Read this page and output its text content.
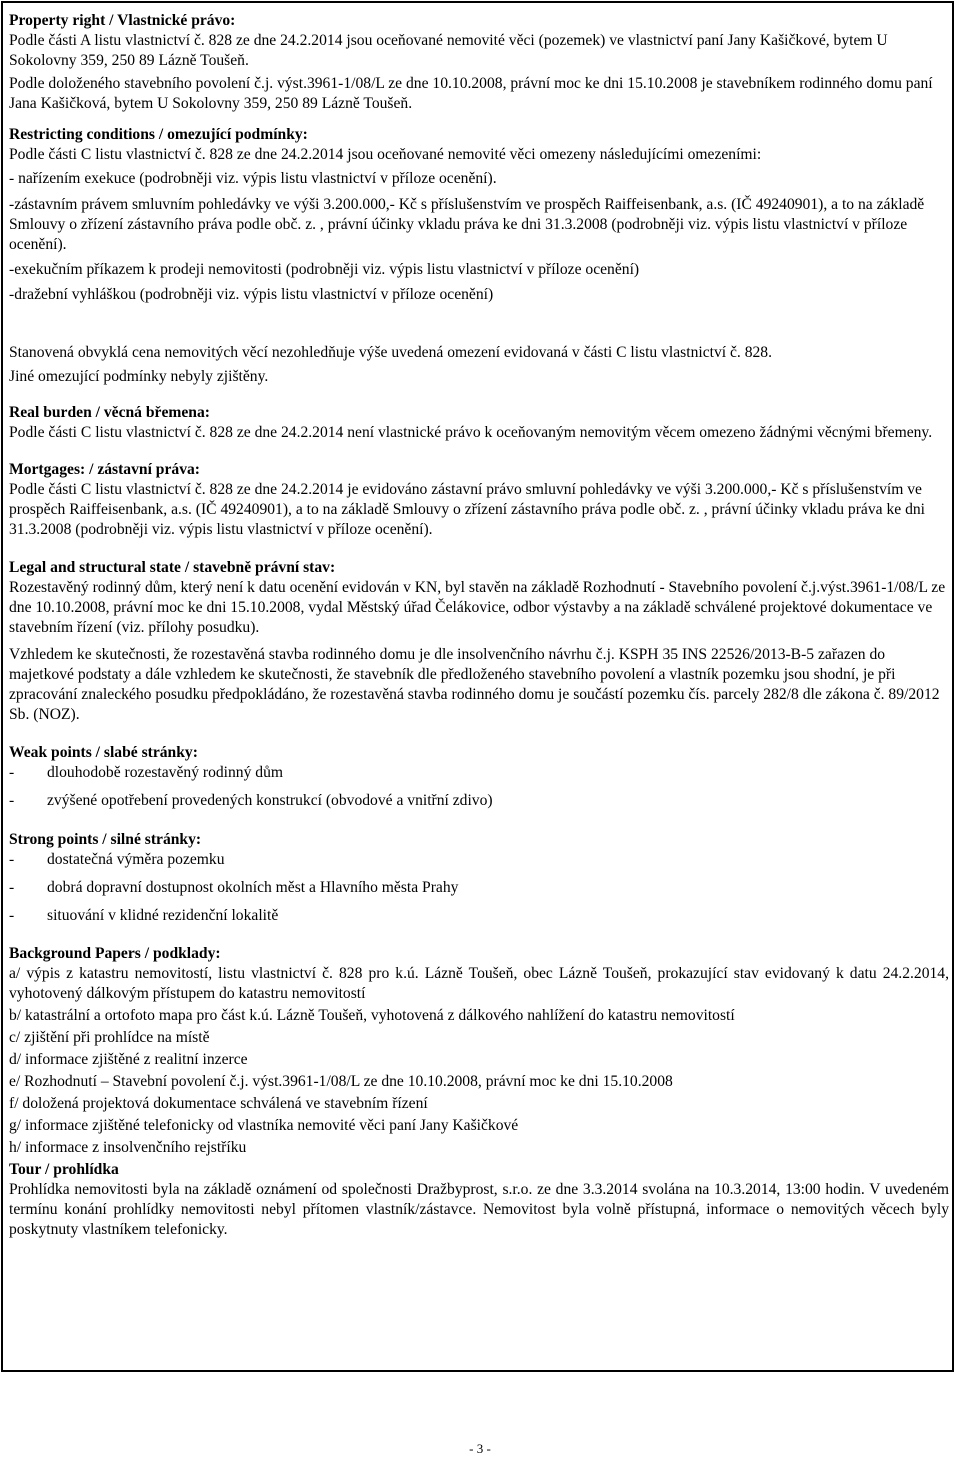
Property right / Vlastnické právo:

Podle části A listu vlastnictví č. 828 ze dne 24.2.2014 jsou oceňované nemovité věci (pozemek) ve vlastnictví paní Jany Kašičkové, bytem U Sokolovny 359, 250 89 Lázně Toušeň.

Podle doloženého stavebního povolení č.j. výst.3961-1/08/L ze dne 10.10.2008, právní moc ke dni 15.10.2008 je stavebníkem rodinného domu paní Jana Kašičková, bytem U Sokolovny 359, 250 89 Lázně Toušeň.

Restricting conditions / omezující podmínky:

Podle části C listu vlastnictví č. 828 ze dne 24.2.2014 jsou oceňované nemovité věci omezeny následujícími omezeními:

- nařízením exekuce (podrobněji viz. výpis listu vlastnictví v příloze ocenění).

-zástavním právem smluvním pohledávky ve výši 3.200.000,- Kč s příslušenstvím ve prospěch Raiffeisenbank, a.s. (IČ 49240901), a to na základě Smlouvy o zřízení zástavního práva podle obč. z. , právní účinky vkladu práva ke dni 31.3.2008 (podrobněji viz. výpis listu vlastnictví v příloze ocenění).

-exekučním příkazem k prodeji nemovitosti (podrobněji viz. výpis listu vlastnictví v příloze ocenění)

-dražební vyhláškou (podrobněji viz. výpis listu vlastnictví v příloze ocenění)

Stanovená obvyklá cena nemovitých věcí nezohledňuje výše uvedená omezení evidovaná v části C listu vlastnictví č. 828.

Jiné omezující podmínky nebyly zjištěny.

Real burden / věcná břemena:

Podle části C listu vlastnictví č. 828 ze dne 24.2.2014 není vlastnické právo k oceňovaným nemovitým věcem omezeno žádnými věcnými břemeny.

Mortgages: / zástavní práva:

Podle části C listu vlastnictví č. 828 ze dne 24.2.2014 je evidováno zástavní právo smluvní pohledávky ve výši 3.200.000,- Kč s příslušenstvím ve prospěch Raiffeisenbank, a.s. (IČ 49240901), a to na základě Smlouvy o zřízení zástavního práva podle obč. z. , právní účinky vkladu práva ke dni 31.3.2008 (podrobněji viz. výpis listu vlastnictví v příloze ocenění).

Legal and structural state / stavebně právní stav:

Rozestavěný rodinný dům, který není k datu ocenění evidován v KN, byl stavěn na základě Rozhodnutí - Stavebního povolení č.j.výst.3961-1/08/L ze dne 10.10.2008, právní moc ke dni 15.10.2008, vydal Městský úřad Čelákovice, odbor výstavby a na základě schválené projektové dokumentace ve stavebním řízení (viz. přílohy posudku).

Vzhledem ke skutečnosti, že rozestavěná stavba rodinného domu je dle insolvenčního návrhu č.j. KSPH 35 INS 22526/2013-B-5 zařazen do majetkové podstaty a dále vzhledem ke skutečnosti, že stavebník dle předloženého stavebního povolení a vlastník pozemku jsou shodní, je při zpracování znaleckého posudku předpokládáno, že rozestavěná stavba rodinného domu je součástí pozemku čís. parcely 282/8 dle zákona č. 89/2012 Sb. (NOZ).

Weak points / slabé stránky:
-	dlouhodobě rozestavěný rodinný dům
-	zvýšené opotřebení provedených konstrukcí (obvodové a vnitřní zdivo)
Strong points / silné stránky:
-	dostatečná výměra pozemku
-	dobrá dopravní dostupnost okolních měst a Hlavního města Prahy
-	situování v klidné rezidenční lokalitě
Background Papers / podklady:

a/ výpis z katastru nemovitostí, listu vlastnictví č. 828 pro k.ú. Lázně Toušeň, obec Lázně Toušeň, prokazující stav evidovaný k datu 24.2.2014, vyhotovený dálkovým přístupem do katastru nemovitostí

b/ katastrální a ortofoto mapa pro část k.ú. Lázně Toušeň, vyhotovená z dálkového nahlížení do katastru nemovitostí

c/ zjištění při prohlídce na místě

d/ informace zjištěné z realitní inzerce

e/ Rozhodnutí – Stavební povolení č.j. výst.3961-1/08/L ze dne 10.10.2008, právní moc ke dni 15.10.2008

f/ doložená projektová dokumentace schválená ve stavebním řízení

g/ informace zjištěné telefonicky od vlastníka nemovité věci paní Jany Kašičkové

h/ informace z insolvenčního rejstříku

Tour / prohlídka

Prohlídka nemovitosti byla na základě oznámení od společnosti Dražbyprost, s.r.o. ze dne 3.3.2014 svolána na 10.3.2014, 13:00 hodin. V uvedeném termínu konání prohlídky nemovitosti nebyl přítomen vlastník/zástavce. Nemovitost byla volně přístupná, informace o nemovitých věcech byly poskytnuty vlastníkem telefonicky.

- 3 -
